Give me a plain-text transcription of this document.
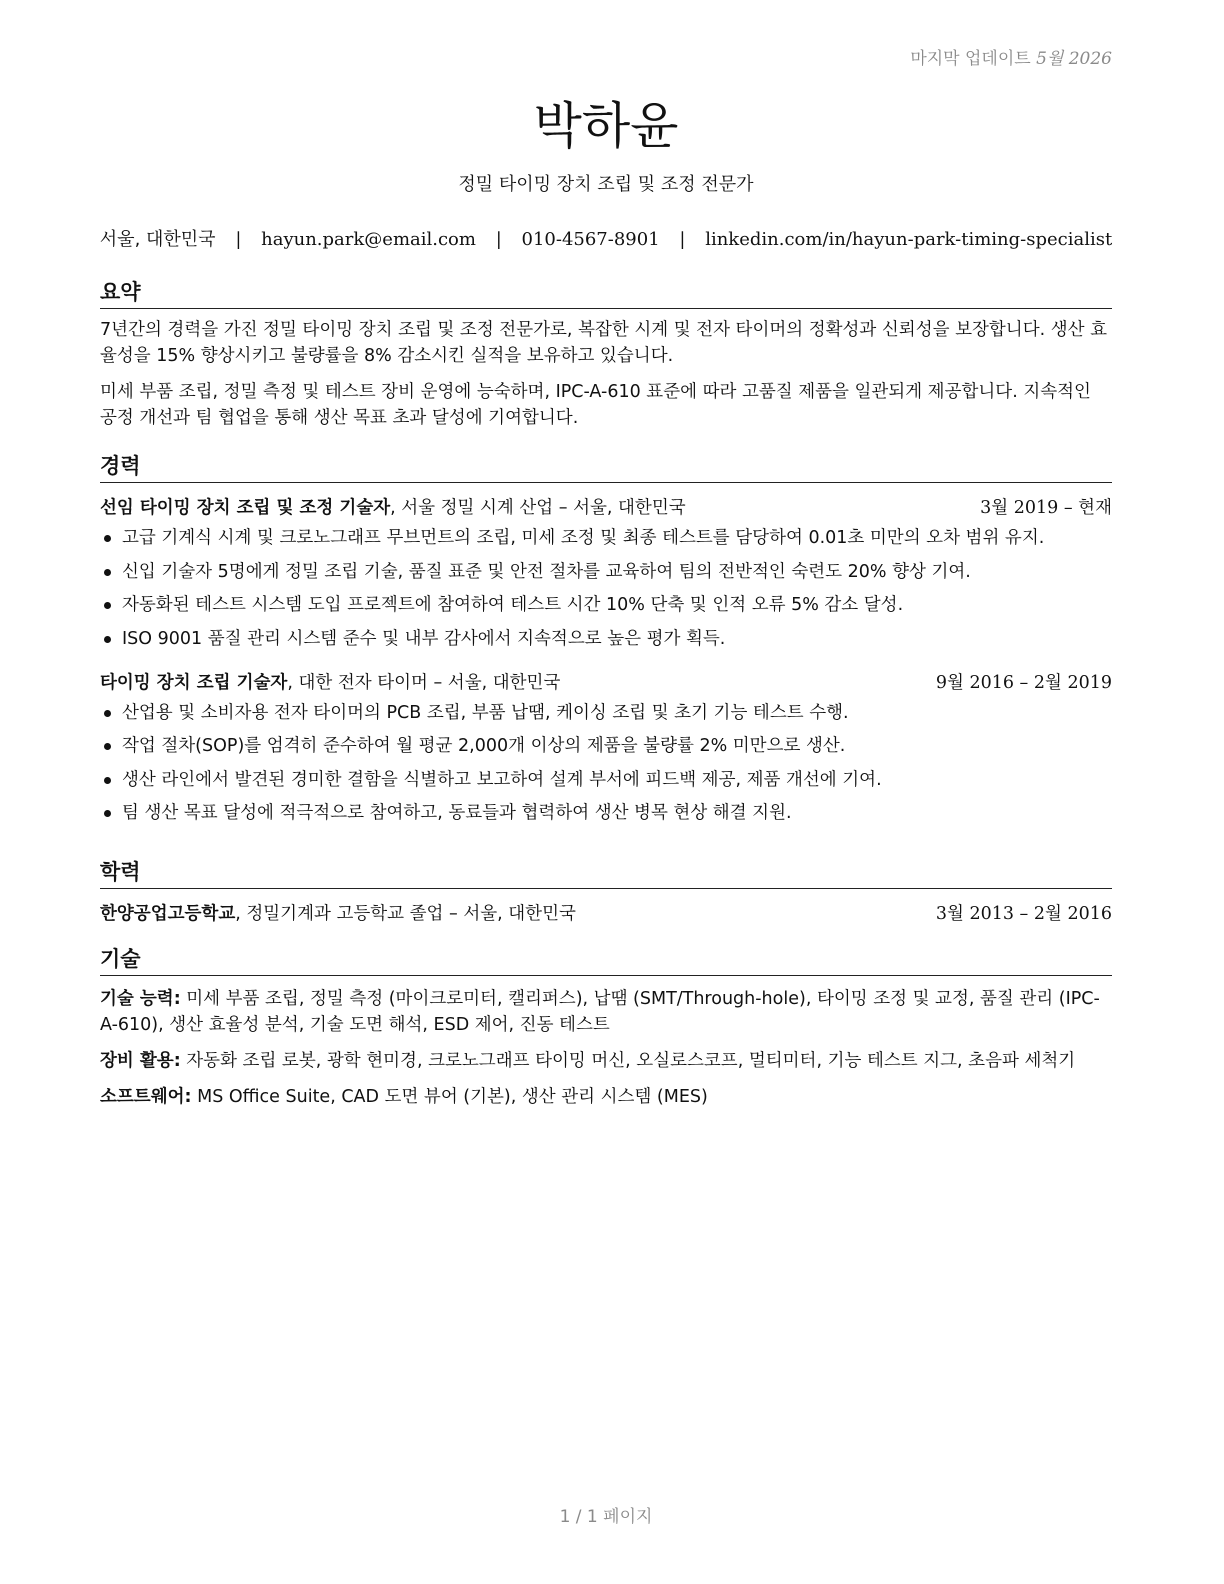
마지막 업데이트 5월 2026
박하윤
정밀 타이밍 장치 조립 및 조정 전문가
서울, 대한민국 | hayun.park@email.com | 010-4567-8901 | linkedin.com/in/hayun-park-timing-specialist
요약

7년간의 경력을 가진 정밀 타이밍 장치 조립 및 조정 전문가로, 복잡한 시계 및 전자 타이머의 정확성과 신뢰성을 보장합니다. 생산 효율성을 15% 향상시키고 불량률을 8% 감소시킨 실적을 보유하고 있습니다.

미세 부품 조립, 정밀 측정 및 테스트 장비 운영에 능숙하며, IPC-A-610 표준에 따라 고품질 제품을 일관되게 제공합니다. 지속적인 공정 개선과 팀 협업을 통해 생산 목표 초과 달성에 기여합니다.

경력
선임 타이밍 장치 조립 및 조정 기술자, 서울 정밀 시계 산업 – 서울, 대한민국	3월 2019 – 현재
고급 기계식 시계 및 크로노그래프 무브먼트의 조립, 미세 조정 및 최종 테스트를 담당하여 0.01초 미만의 오차 범위 유지.
신입 기술자 5명에게 정밀 조립 기술, 품질 표준 및 안전 절차를 교육하여 팀의 전반적인 숙련도 20% 향상 기여.
자동화된 테스트 시스템 도입 프로젝트에 참여하여 테스트 시간 10% 단축 및 인적 오류 5% 감소 달성.
ISO 9001 품질 관리 시스템 준수 및 내부 감사에서 지속적으로 높은 평가 획득.
타이밍 장치 조립 기술자, 대한 전자 타이머 – 서울, 대한민국	9월 2016 – 2월 2019
산업용 및 소비자용 전자 타이머의 PCB 조립, 부품 납땜, 케이싱 조립 및 초기 기능 테스트 수행.
작업 절차(SOP)를 엄격히 준수하여 월 평균 2,000개 이상의 제품을 불량률 2% 미만으로 생산.
생산 라인에서 발견된 경미한 결함을 식별하고 보고하여 설계 부서에 피드백 제공, 제품 개선에 기여.
팀 생산 목표 달성에 적극적으로 참여하고, 동료들과 협력하여 생산 병목 현상 해결 지원.
학력
한양공업고등학교, 정밀기계과 고등학교 졸업 – 서울, 대한민국	3월 2013 – 2월 2016
기술

기술 능력: 미세 부품 조립, 정밀 측정 (마이크로미터, 캘리퍼스), 납땜 (SMT/Through-hole), 타이밍 조정 및 교정, 품질 관리 (IPC-A-610), 생산 효율성 분석, 기술 도면 해석, ESD 제어, 진동 테스트

장비 활용: 자동화 조립 로봇, 광학 현미경, 크로노그래프 타이밍 머신, 오실로스코프, 멀티미터, 기능 테스트 지그, 초음파 세척기

소프트웨어: MS Office Suite, CAD 도면 뷰어 (기본), 생산 관리 시스템 (MES)

1 / 1 페이지
